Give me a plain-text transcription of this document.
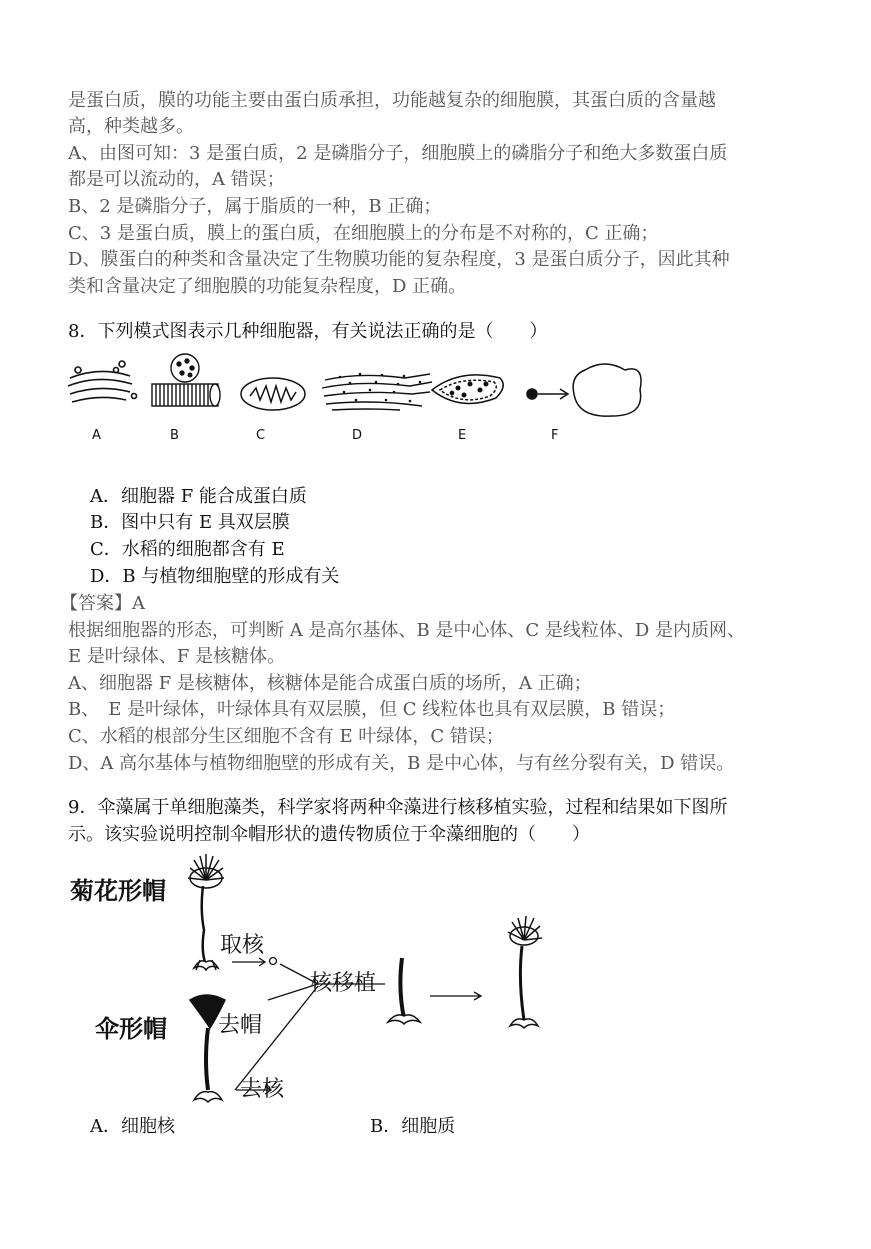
是蛋白质，膜的功能主要由蛋白质承担，功能越复杂的细胞膜，其蛋白质的含量越
高，种类越多。
A、由图可知：3 是蛋白质，2 是磷脂分子，细胞膜上的磷脂分子和绝大多数蛋白质
都是可以流动的，A 错误；
B、2 是磷脂分子，属于脂质的一种，B 正确；
C、3 是蛋白质，膜上的蛋白质，在细胞膜上的分布是不对称的，C 正确；
D、膜蛋白的种类和含量决定了生物膜功能的复杂程度，3 是蛋白质分子，因此其种
类和含量决定了细胞膜的功能复杂程度，D 正确。
8．下列模式图表示几种细胞器，有关说法正确的是（　　）
A	B	C	D	E	F
A．细胞器 F 能合成蛋白质
B．图中只有 E 具双层膜
C．水稻的细胞都含有 E
D．B 与植物细胞壁的形成有关
【答案】A
根据细胞器的形态，可判断 A 是高尔基体、B 是中心体、C 是线粒体、D 是内质网、
E 是叶绿体、F 是核糖体。
A、细胞器 F 是核糖体，核糖体是能合成蛋白质的场所，A 正确；
B、　E 是叶绿体，叶绿体具有双层膜，但 C 线粒体也具有双层膜，B 错误；
C、水稻的根部分生区细胞不含有 E 叶绿体，C 错误；
D、A 高尔基体与植物细胞壁的形成有关，B 是中心体，与有丝分裂有关，D 错误。
9．伞藻属于单细胞藻类，科学家将两种伞藻进行核移植实验，过程和结果如下图所
示。该实验说明控制伞帽形状的遗传物质位于伞藻细胞的（　　）
菊花形帽
取核
核移植
伞形帽 去帽
去核
A．细胞核	B．细胞质
